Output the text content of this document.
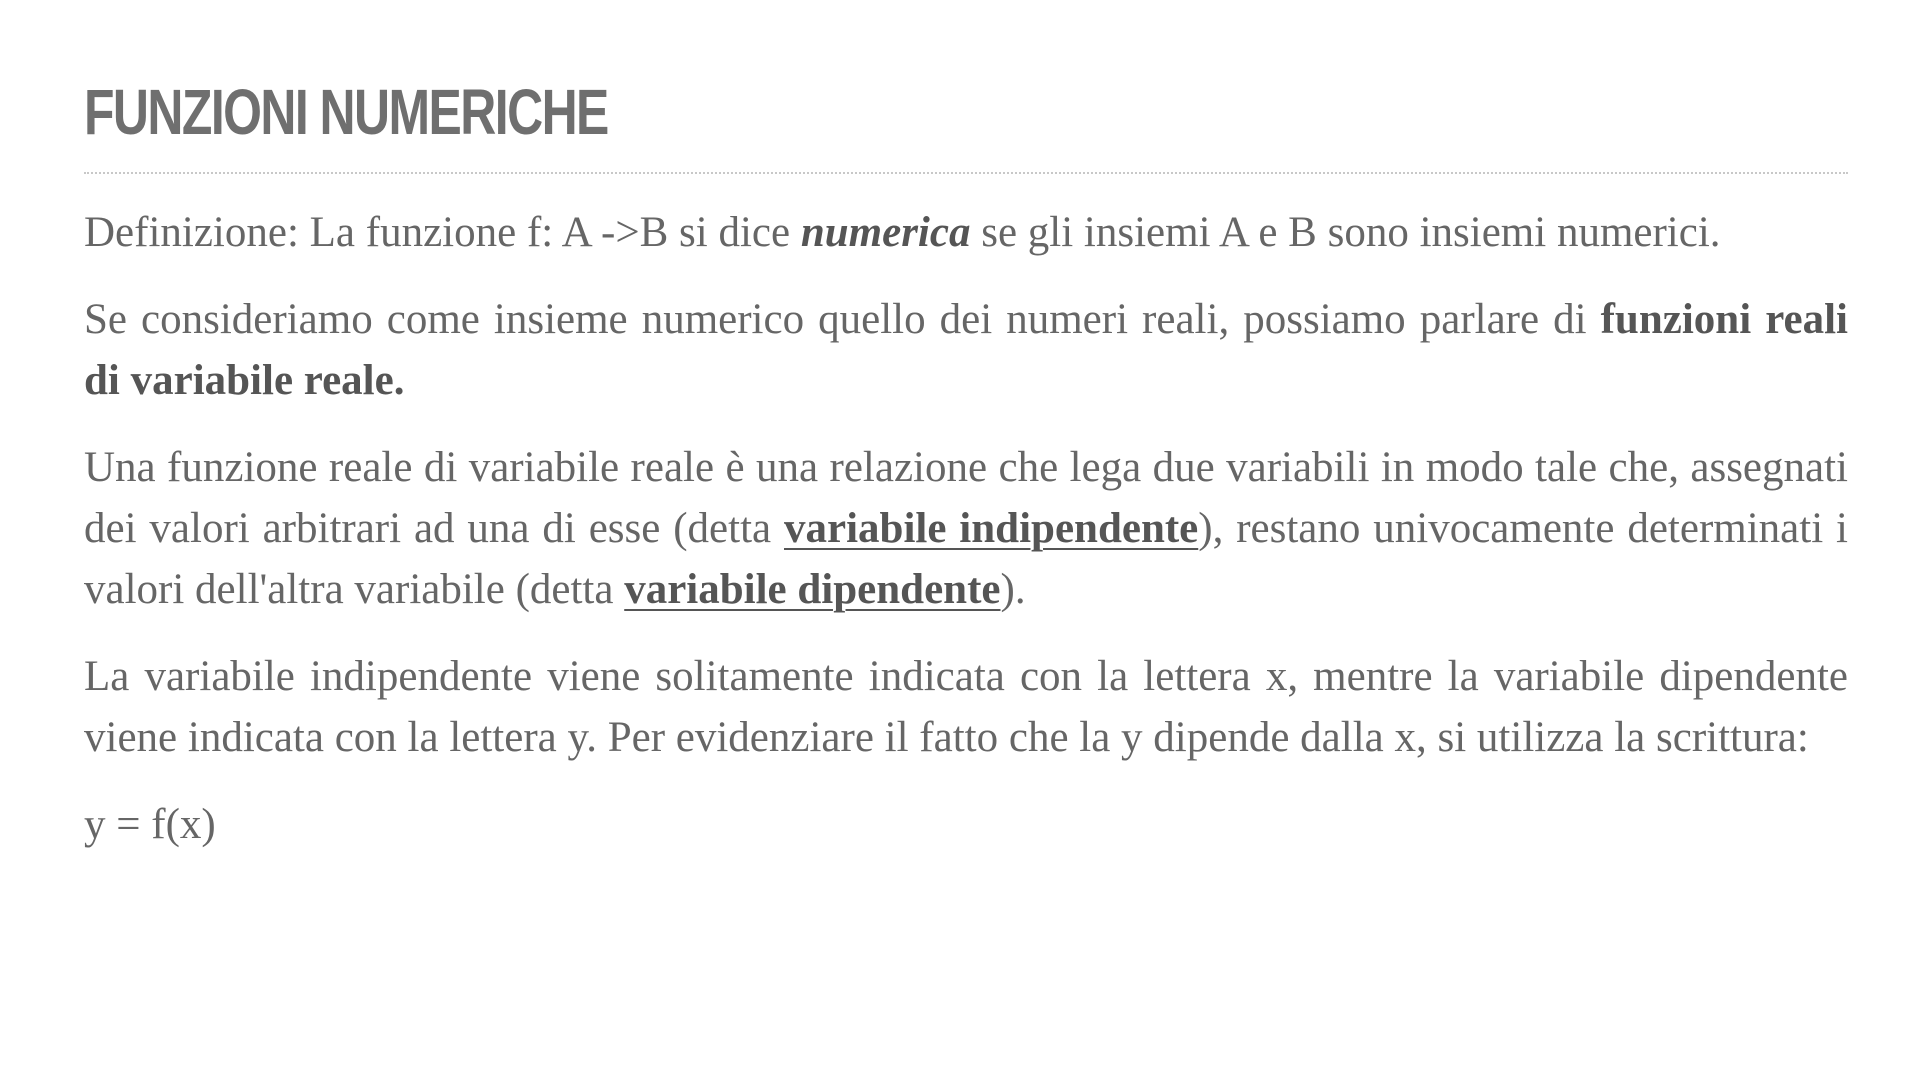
FUNZIONI NUMERICHE

Definizione: La funzione f: A ->B si dice numerica se gli insiemi A e B sono insiemi numerici.

Se consideriamo come insieme numerico quello dei numeri reali, possiamo parlare di funzioni reali di variabile reale.

Una funzione reale di variabile reale è una relazione che lega due variabili in modo tale che, assegnati dei valori arbitrari ad una di esse (detta variabile indipendente), restano univocamente determinati i valori dell'altra variabile (detta variabile dipendente).

La variabile indipendente viene solitamente indicata con la lettera x, mentre la variabile dipendente viene indicata con la lettera y. Per evidenziare il fatto che la y dipende dalla x, si utilizza la scrittura:

y = f(x)
